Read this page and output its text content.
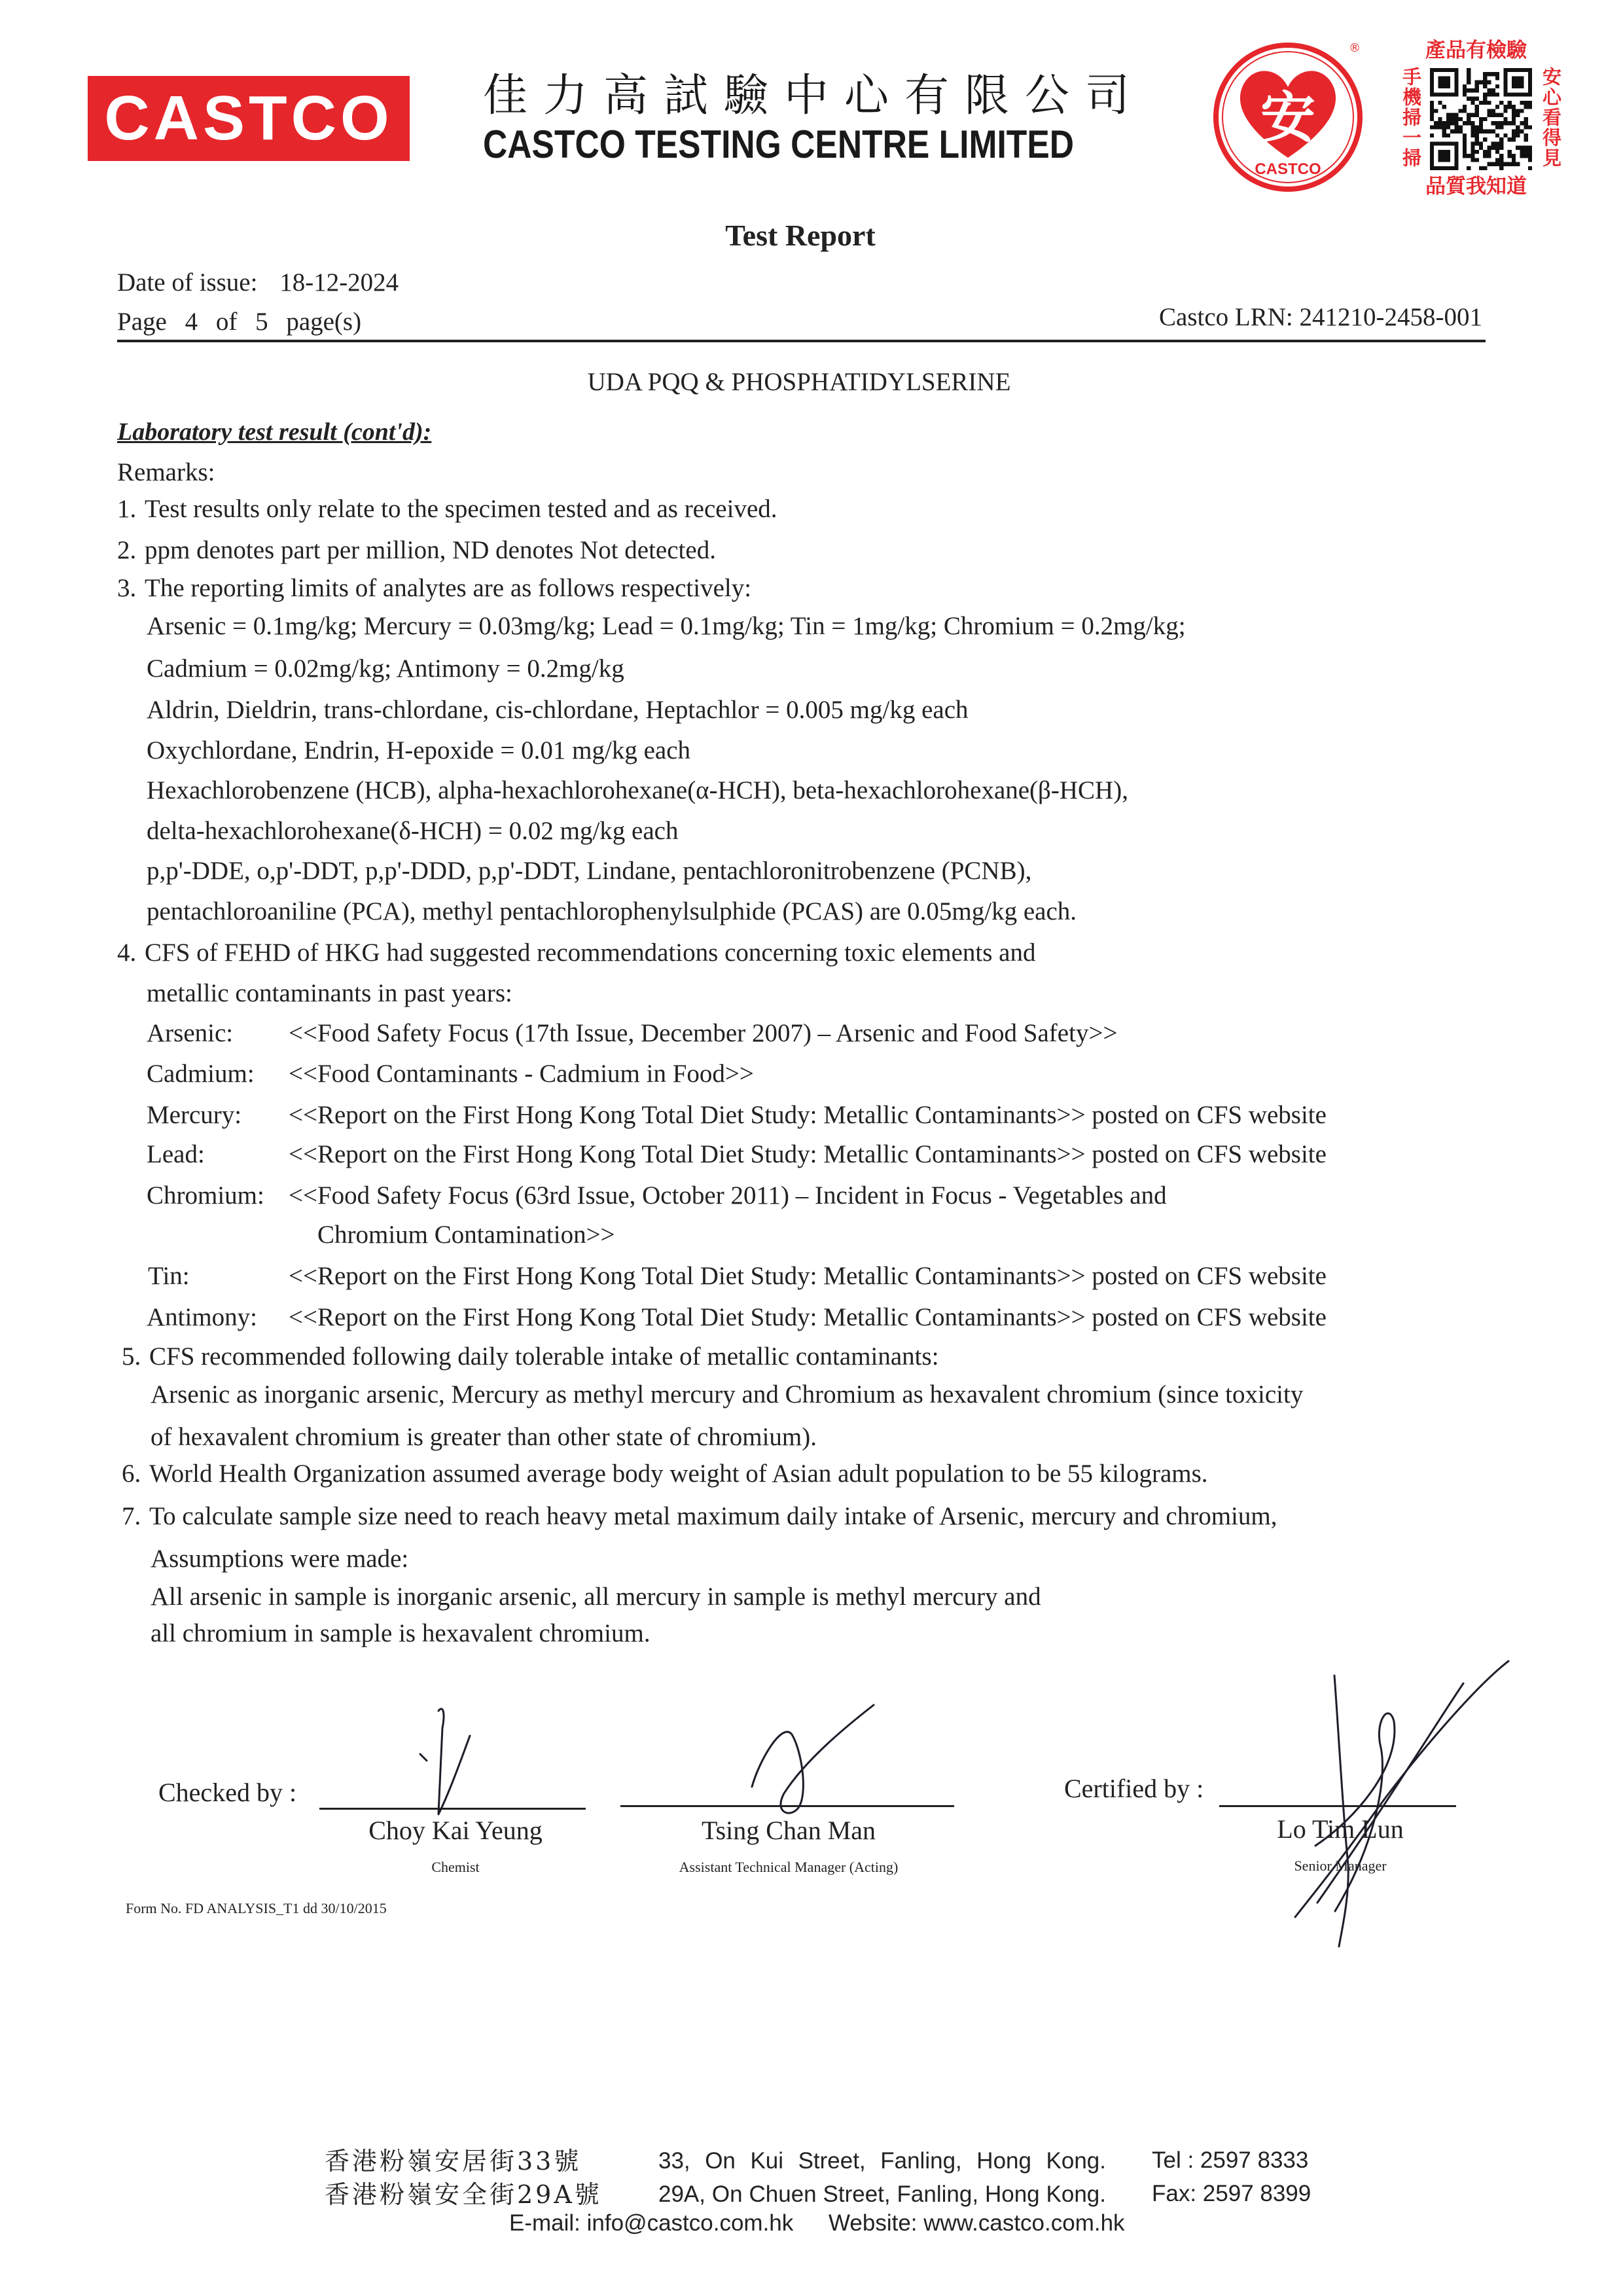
CASTCO 佳力高試驗中心有限公司
CASTCO TESTING CENTRE LIMITED	安
CASTCO
®	產品有檢驗
手機掃一掃	安心看得見
品質我知道
Test Report
Date of issue: 18-12-2024
Page 4 of 5 page(s)	Castco LRN: 241210-2458-001
UDA PQQ & PHOSPHATIDYLSERINE
Laboratory test result (cont'd):
Remarks:
1. Test results only relate to the specimen tested and as received.
2. ppm denotes part per million, ND denotes Not detected.
3. The reporting limits of analytes are as follows respectively:
Arsenic = 0.1mg/kg; Mercury = 0.03mg/kg; Lead = 0.1mg/kg; Tin = 1mg/kg; Chromium = 0.2mg/kg;
Cadmium = 0.02mg/kg; Antimony = 0.2mg/kg
Aldrin, Dieldrin, trans-chlordane, cis-chlordane, Heptachlor = 0.005 mg/kg each
Oxychlordane, Endrin, H-epoxide = 0.01 mg/kg each
Hexachlorobenzene (HCB), alpha-hexachlorohexane(α-HCH), beta-hexachlorohexane(β-HCH),
delta-hexachlorohexane(δ-HCH) = 0.02 mg/kg each
p,p'-DDE, o,p'-DDT, p,p'-DDD, p,p'-DDT, Lindane, pentachloronitrobenzene (PCNB),
pentachloroaniline (PCA), methyl pentachlorophenylsulphide (PCAS) are 0.05mg/kg each.
4. CFS of FEHD of HKG had suggested recommendations concerning toxic elements and
metallic contaminants in past years:
Arsenic: <<Food Safety Focus (17th Issue, December 2007) – Arsenic and Food Safety>>
Cadmium: <<Food Contaminants - Cadmium in Food>>
Mercury: <<Report on the First Hong Kong Total Diet Study: Metallic Contaminants>> posted on CFS website
Lead:	<<Report on the First Hong Kong Total Diet Study: Metallic Contaminants>> posted on CFS website
Chromium: <<Food Safety Focus (63rd Issue, October 2011) – Incident in Focus - Vegetables and
Chromium Contamination>>
Tin:	<<Report on the First Hong Kong Total Diet Study: Metallic Contaminants>> posted on CFS website
Antimony: <<Report on the First Hong Kong Total Diet Study: Metallic Contaminants>> posted on CFS website
5. CFS recommended following daily tolerable intake of metallic contaminants:
Arsenic as inorganic arsenic, Mercury as methyl mercury and Chromium as hexavalent chromium (since toxicity
of hexavalent chromium is greater than other state of chromium).
6. World Health Organization assumed average body weight of Asian adult population to be 55 kilograms.
7. To calculate sample size need to reach heavy metal maximum daily intake of Arsenic, mercury and chromium,
Assumptions were made:
All arsenic in sample is inorganic arsenic, all mercury in sample is methyl mercury and
all chromium in sample is hexavalent chromium.
Checked by :	Certified by :
Choy Kai Yeung
Chemist
Tsing Chan Man
Assistant Technical Manager (Acting)
Lo Tim Lun
Senior Manager
Form No. FD ANALYSIS_T1 dd 30/10/2015
香港粉嶺安居街33號	33, On Kui Street, Fanling, Hong Kong. Tel : 2597 8333
香港粉嶺安全街29A號 29A, On Chuen Street, Fanling, Hong Kong. Fax: 2597 8399
E-mail: info@castco.com.hk Website: www.castco.com.hk
